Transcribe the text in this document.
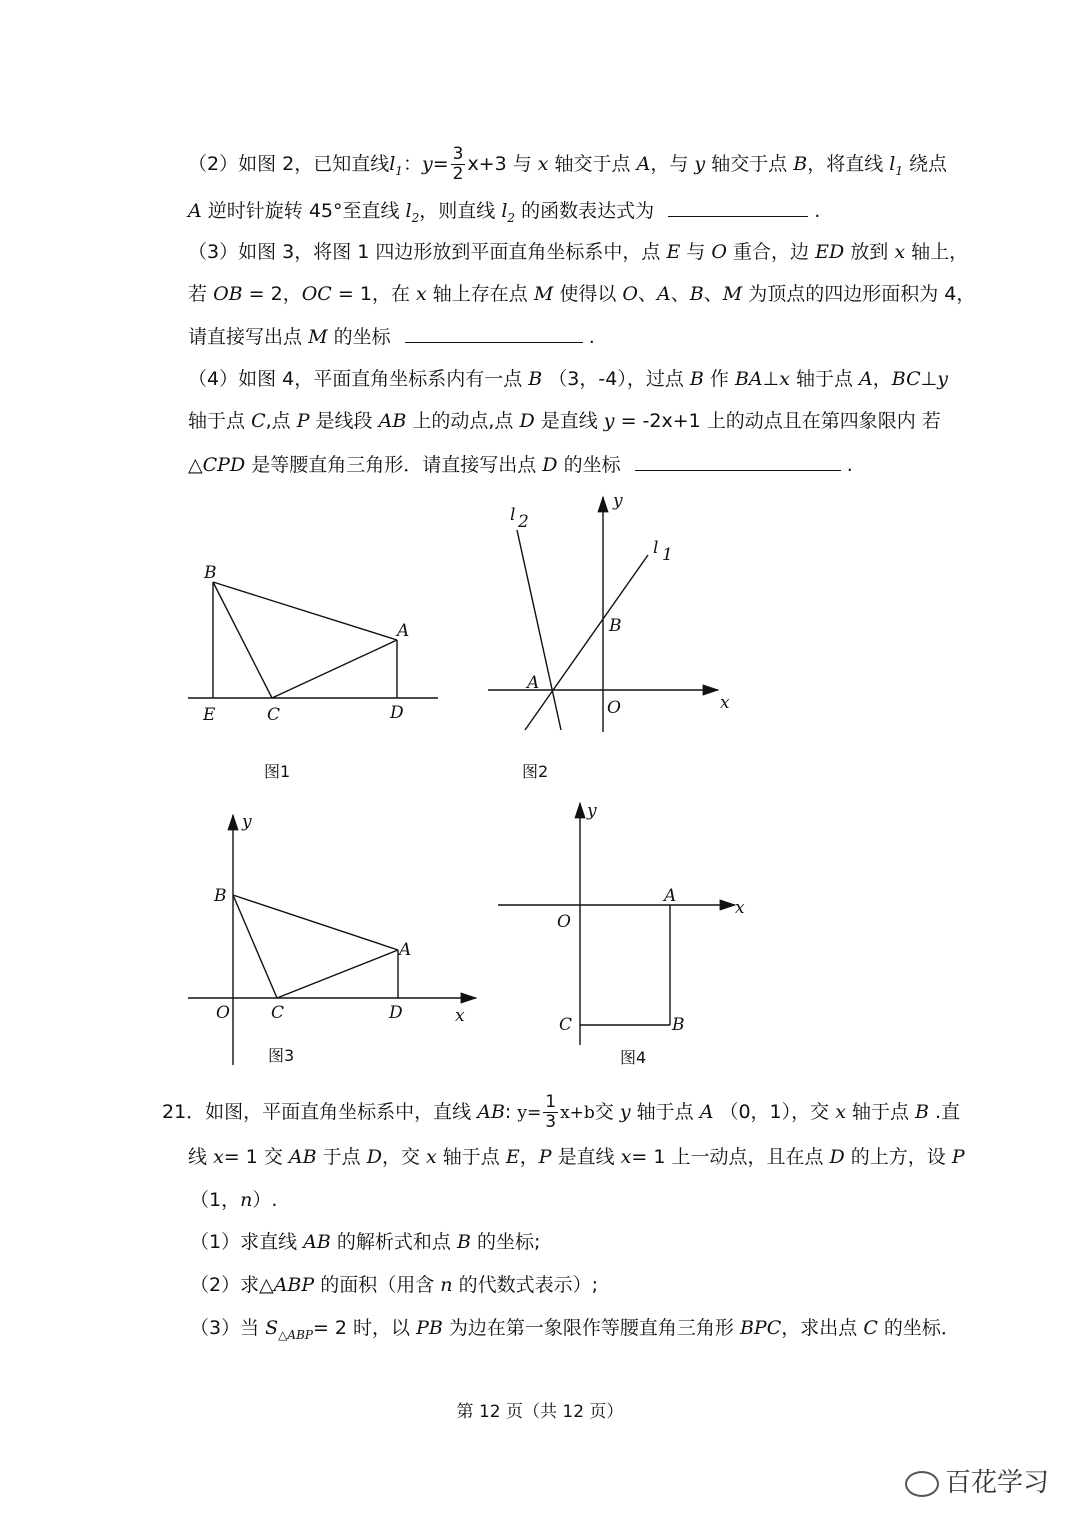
（2）如图 2，已知直线$l_1$：$y= \frac{3}{2} x+3$ 与 x 轴交于点 A，与 y 轴交于点 B，将直线 $l_1$ 绕点
A 逆时针旋转 45°至直线 $l_2$，则直线 $l_2$ 的函数表达式为	.
（3）如图 3，将图 1 四边形放到平面直角坐标系中，点 E 与 O 重合，边 ED 放到 x 轴上，
若 OB = 2，OC = 1，在 x 轴上存在点 M 使得以 O、A、B、M 为顶点的四边形面积为 4，
请直接写出点 M 的坐标	.
（4）如图 4，平面直角坐标系内有一点 B （3，-4），过点 B 作 BA⊥x 轴于点 A，BC⊥y
轴于点 C,点 P 是线段 AB 上的动点,点 D 是直线 y = -2x+1 上的动点且在第四象限内 若
△CPD 是等腰直角三角形．请直接写出点 D 的坐标	.
B
A
E	C	D
图1
l 2
l 1
y
B
A
O	x
图2
y
B
A
O C	D	x
图3
y
A
x
O
C	B
图4
21．如图，平面直角坐标系中，直线 AB: $y= \frac{1}{3} x+b$交 y 轴于点 A （0，1），交 x 轴于点 B .直
线 x= 1 交 AB 于点 D，交 x 轴于点 E，P 是直线 x= 1 上一动点，且在点 D 的上方，设 P
（1，n）.
（1）求直线 AB 的解析式和点 B 的坐标;
（2）求△ABP 的面积（用含 n 的代数式表示）;
（3）当 $S_{\triangle ABP}= 2$ 时，以 PB 为边在第一象限作等腰直角三角形 BPC，求出点 C 的坐标．
第 12 页（共 12 页）
百花学习
